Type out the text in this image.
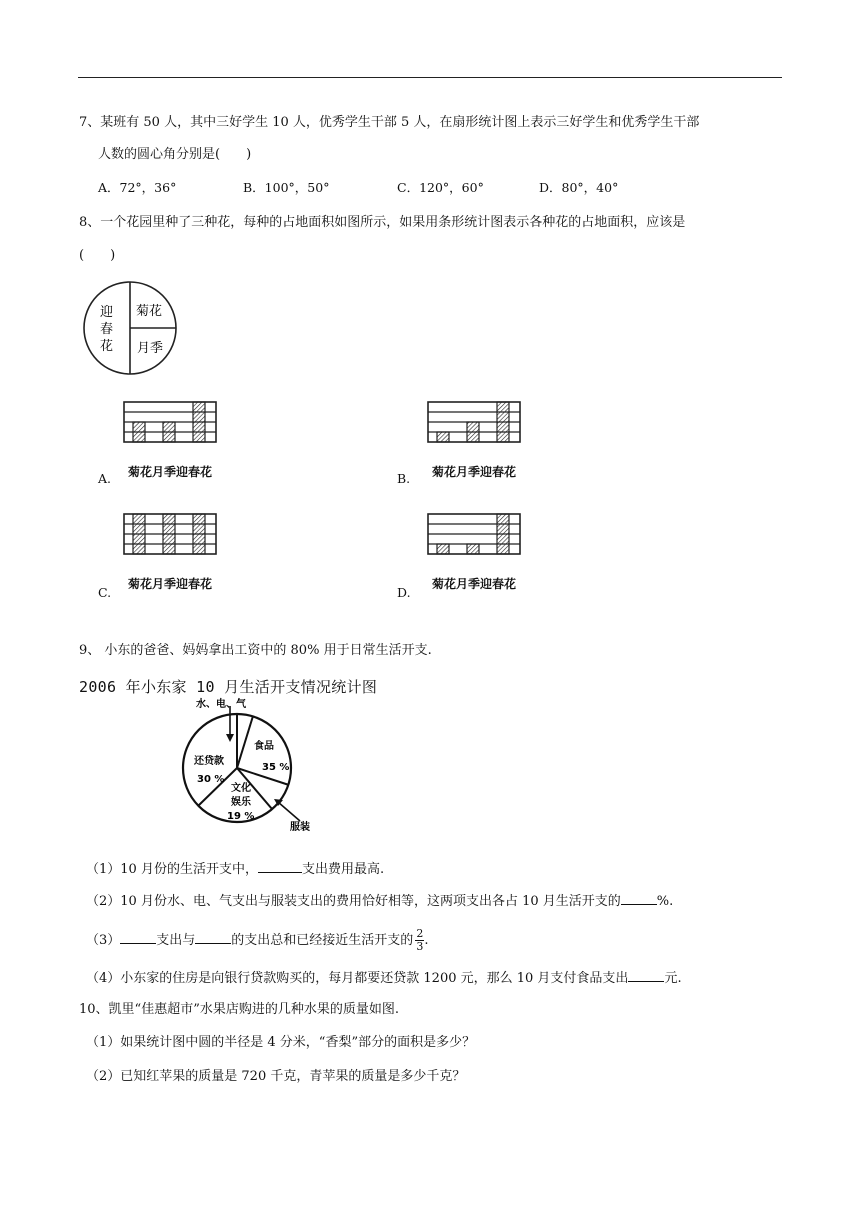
7、某班有 50 人，其中三好学生 10 人，优秀学生干部 5 人，在扇形统计图上表示三好学生和优秀学生干部
人数的圆心角分别是(　　)
A．72°，36°	B．100°，50°	C．120°，60°	D．80°，40°
8、一个花园里种了三种花，每种的占地面积如图所示，如果用条形统计图表示各种花的占地面积，应该是
(　　)
迎
春
花
菊花
月季
菊花月季迎春花
A.	菊花月季迎春花
B.
菊花月季迎春花
C.
菊花月季迎春花
D.
9、 小东的爸爸、妈妈拿出工资中的 80% 用于日常生活开支.
2006 年小东家 10 月生活开支情况统计图
水、电、气
食品
35 %
还贷款
30 %
文化
娱乐
19 %
服装
（1）10 月份的生活开支中，	支出费用最高.
（2）10 月份水、电、气支出与服装支出的费用恰好相等，这两项支出各占 10 月生活开支的	%.
（3）	支出与	的支出总和已经接近生活开支的 $\frac{2}{3}$ .
（4）小东家的住房是向银行贷款购买的，每月都要还贷款 1200 元，那么 10 月支付食品支出	元.
10、凯里“佳惠超市”水果店购进的几种水果的质量如图.
（1）如果统计图中圆的半径是 4 分米，“香梨”部分的面积是多少？
（2）已知红苹果的质量是 720 千克，青苹果的质量是多少千克？
